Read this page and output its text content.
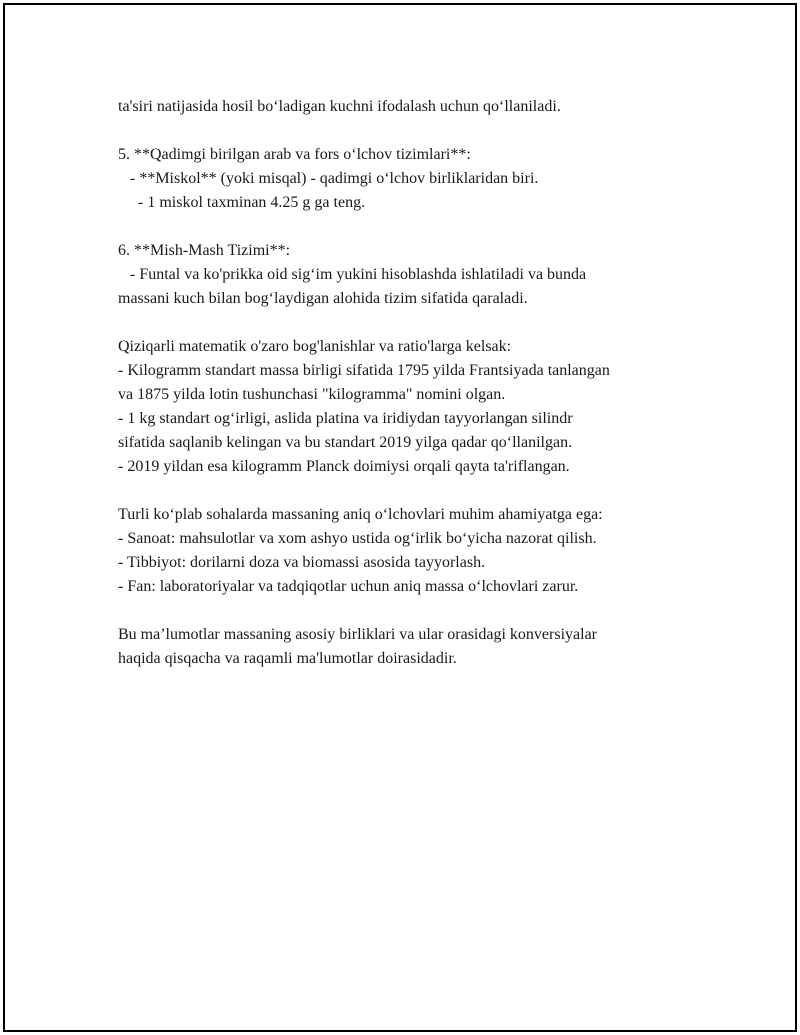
ta'siri natijasida hosil bo‘ladigan kuchni ifodalash uchun qo‘llaniladi.
5. **Qadimgi birilgan arab va fors o‘lchov tizimlari**:
- **Miskol** (yoki misqal) - qadimgi o‘lchov birliklaridan biri.
- 1 miskol taxminan 4.25 g ga teng.
6. **Mish-Mash Tizimi**:
- Funtal va ko'prikka oid sig‘im yukini hisoblashda ishlatiladi va bunda
massani kuch bilan bog‘laydigan alohida tizim sifatida qaraladi.
Qiziqarli matematik o'zaro bog'lanishlar va ratio'larga kelsak:
- Kilogramm standart massa birligi sifatida 1795 yilda Frantsiyada tanlangan
va 1875 yilda lotin tushunchasi "kilogramma" nomini olgan.
- 1 kg standart og‘irligi, aslida platina va iridiydan tayyorlangan silindr
sifatida saqlanib kelingan va bu standart 2019 yilga qadar qo‘llanilgan.
- 2019 yildan esa kilogramm Planck doimiysi orqali qayta ta'riflangan.
Turli ko‘plab sohalarda massaning aniq o‘lchovlari muhim ahamiyatga ega:
- Sanoat: mahsulotlar va xom ashyo ustida og‘irlik bo‘yicha nazorat qilish.
- Tibbiyot: dorilarni doza va biomassi asosida tayyorlash.
- Fan: laboratoriyalar va tadqiqotlar uchun aniq massa o‘lchovlari zarur.
Bu ma’lumotlar massaning asosiy birliklari va ular orasidagi konversiyalar
haqida qisqacha va raqamli ma'lumotlar doirasidadir.
